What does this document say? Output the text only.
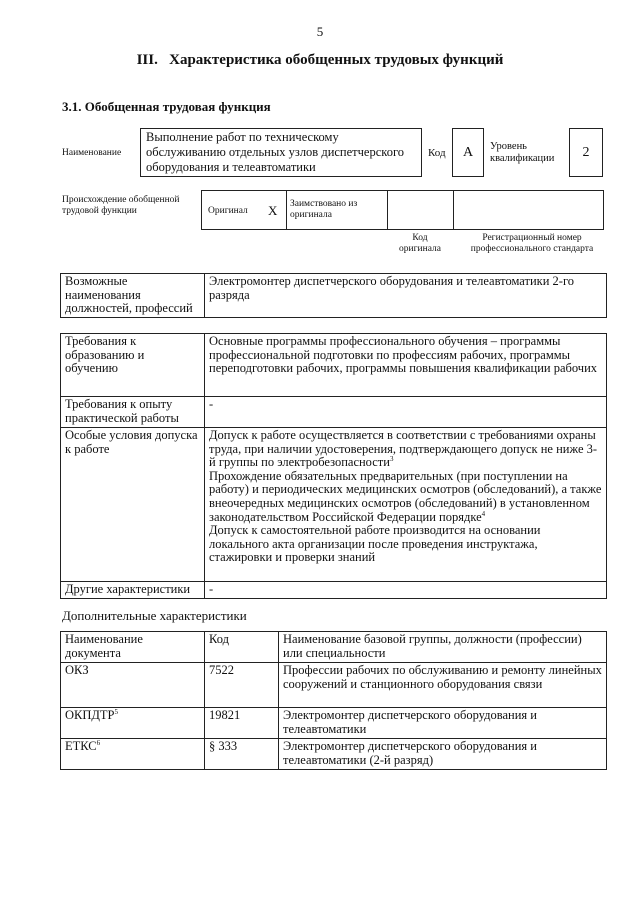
5
III.   Характеристика обобщенных трудовых функций
3.1. Обобщенная трудовая функция
Наименование
Выполнение работ по техническому обслуживанию отдельных узлов диспетчерского оборудования и телеавтоматики
Код	А	Уровень квалификации	2
Происхождение обобщенной трудовой функции	Оригинал X Заимствовано из оригинала
Код оригинала
Регистрационный номер профессионального стандарта
Возможные наименования должностей, профессий	Электромонтер диспетчерского оборудования и телеавтоматики 2-го разряда
Требования к образованию и обучению	Основные программы профессионального обучения – программы профессиональной подготовки по профессиям рабочих, программы переподготовки рабочих, программы повышения квалификации рабочих
Требования к опыту практической работы	-
Особые условия допуска к работе	Допуск к работе осуществляется в соответствии с требованиями охраны труда, при наличии удостоверения, подтверждающего допуск не ниже 3-й группы по электробезопасности$^3$
Прохождение обязательных предварительных (при поступлении на работу) и периодических медицинских осмотров (обследований), а также внеочередных медицинских осмотров (обследований) в установленном законодательством Российской Федерации порядке$^4$
Допуск к самостоятельной работе производится на основании локального акта организации после проведения инструктажа, стажировки и проверки знаний

Другие характеристики	-
Дополнительные характеристики
Наименование документа	Код	Наименование базовой группы, должности (профессии) или специальности
ОКЗ	7522	Профессии рабочих по обслуживанию и ремонту линейных сооружений и станционного оборудования связи
ОКПДТР$^5$	19821	Электромонтер диспетчерского оборудования и телеавтоматики
ЕТКС$^6$	§ 333	Электромонтер диспетчерского оборудования и телеавтоматики (2-й разряд)
